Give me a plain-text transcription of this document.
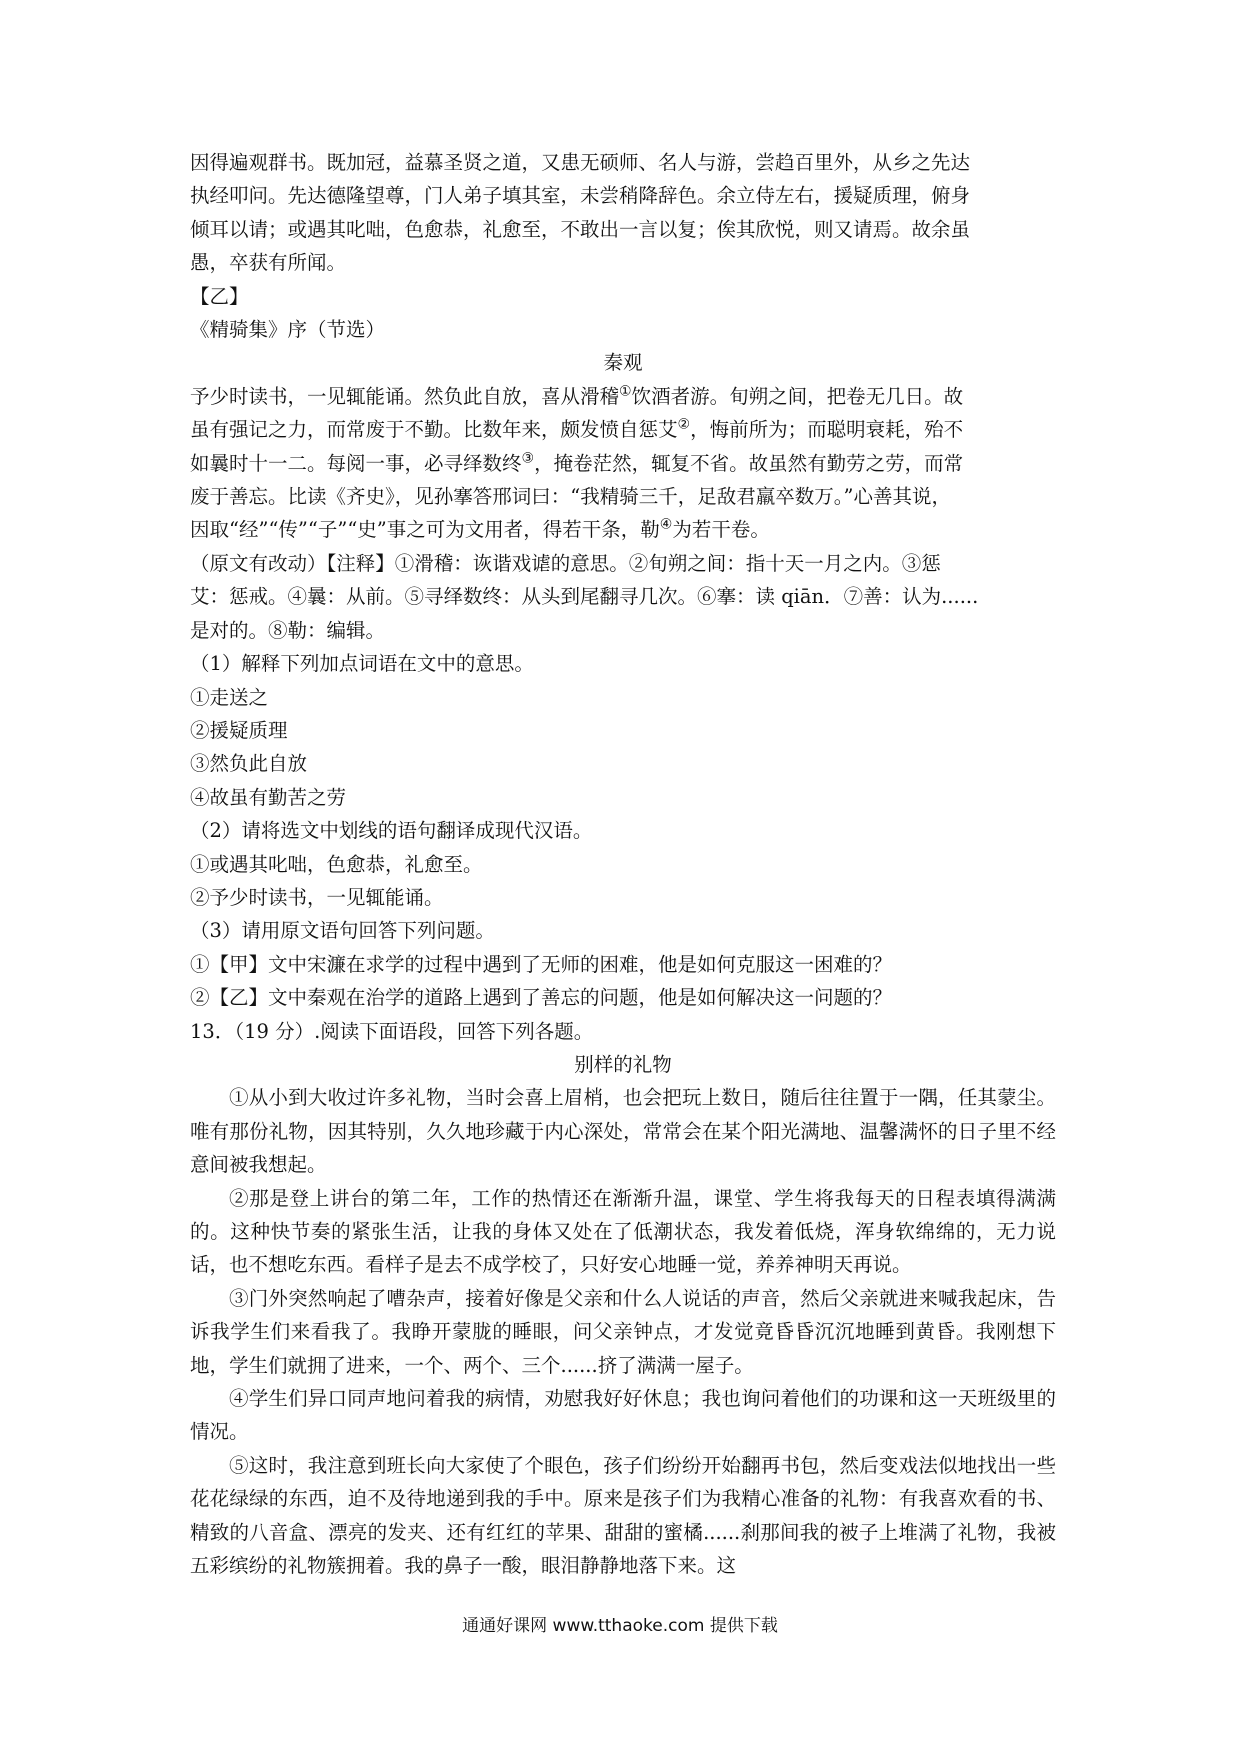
因得遍观群书。既加冠，益慕圣贤之道，又患无硕师、名人与游，尝趋百里外，从乡之先达

执经叩问。先达德隆望尊，门人弟子填其室，未尝稍降辞色。余立侍左右，援疑质理，俯身

倾耳以请；或遇其叱咄，色愈恭，礼愈至，不敢出一言以复；俟其欣悦，则又请焉。故余虽

愚，卒获有所闻。

【乙】

《精骑集》序（节选）

秦观

予少时读书，一见辄能诵。然负此自放，喜从滑稽①饮酒者游。旬朔之间，把卷无几日。故

虽有强记之力，而常废于不勤。比数年来，颇发愤自惩艾②，悔前所为；而聪明衰耗，殆不

如曩时十一二。每阅一事，必寻绎数终③，掩卷茫然，辄复不省。故虽然有勤劳之劳，而常

废于善忘。比读《齐史》，见孙搴答邢词曰：“我精骑三千，足敌君羸卒数万。”心善其说，

因取“经”“传”“子”“史”事之可为文用者，得若干条，勒④为若干卷。

（原文有改动）【注释】①滑稽：诙谐戏谑的意思。②旬朔之间：指十天一月之内。③惩

艾：惩戒。④曩：从前。⑤寻绎数终：从头到尾翻寻几次。⑥搴：读 qiān．⑦善：认为......

是对的。⑧勒：编辑。

（1）解释下列加点词语在文中的意思。

①走送之

②援疑质理

③然负此自放

④故虽有勤苦之劳

（2）请将选文中划线的语句翻译成现代汉语。

①或遇其叱咄，色愈恭，礼愈至。

②予少时读书，一见辄能诵。

（3）请用原文语句回答下列问题。

①【甲】文中宋濂在求学的过程中遇到了无师的困难，他是如何克服这一困难的？

②【乙】文中秦观在治学的道路上遇到了善忘的问题，他是如何解决这一问题的？

13．（19 分）.阅读下面语段，回答下列各题。

别样的礼物

①从小到大收过许多礼物，当时会喜上眉梢，也会把玩上数日，随后往往置于一隅，任其蒙尘。唯有那份礼物，因其特别，久久地珍藏于内心深处，常常会在某个阳光满地、温馨满怀的日子里不经意间被我想起。

②那是登上讲台的第二年，工作的热情还在渐渐升温，课堂、学生将我每天的日程表填得满满的。这种快节奏的紧张生活，让我的身体又处在了低潮状态，我发着低烧，浑身软绵绵的，无力说话，也不想吃东西。看样子是去不成学校了，只好安心地睡一觉，养养神明天再说。

③门外突然响起了嘈杂声，接着好像是父亲和什么人说话的声音，然后父亲就进来喊我起床，告诉我学生们来看我了。我睁开蒙胧的睡眼，问父亲钟点，才发觉竟昏昏沉沉地睡到黄昏。我刚想下地，学生们就拥了进来，一个、两个、三个......挤了满满一屋子。

④学生们异口同声地问着我的病情，劝慰我好好休息；我也询问着他们的功课和这一天班级里的情况。

⑤这时，我注意到班长向大家使了个眼色，孩子们纷纷开始翻再书包，然后变戏法似地找出一些花花绿绿的东西，迫不及待地递到我的手中。原来是孩子们为我精心准备的礼物：有我喜欢看的书、精致的八音盒、漂亮的发夹、还有红红的苹果、甜甜的蜜橘......刹那间我的被子上堆满了礼物，我被五彩缤纷的礼物簇拥着。我的鼻子一酸，眼泪静静地落下来。这

通通好课网 www.tthaoke.com 提供下载
